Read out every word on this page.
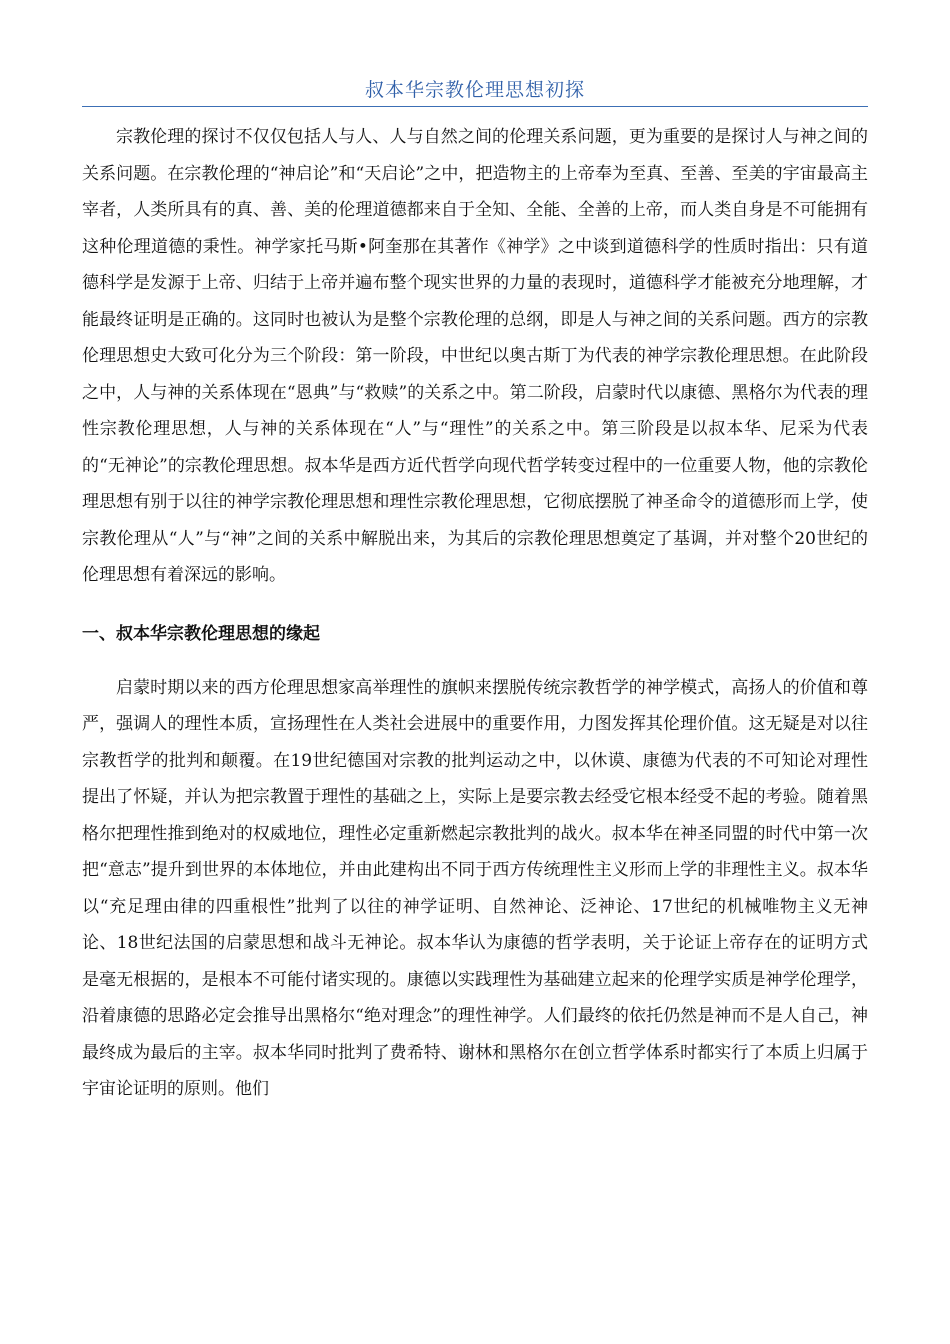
叔本华宗教伦理思想初探

宗教伦理的探讨不仅仅包括人与人、人与自然之间的伦理关系问题，更为重要的是探讨人与神之间的关系问题。在宗教伦理的“神启论”和“天启论”之中，把造物主的上帝奉为至真、至善、至美的宇宙最高主宰者，人类所具有的真、善、美的伦理道德都来自于全知、全能、全善的上帝，而人类自身是不可能拥有这种伦理道德的秉性。神学家托马斯•阿奎那在其著作《神学》之中谈到道德科学的性质时指出：只有道德科学是发源于上帝、归结于上帝并遍布整个现实世界的力量的表现时，道德科学才能被充分地理解，才能最终证明是正确的。这同时也被认为是整个宗教伦理的总纲，即是人与神之间的关系问题。西方的宗教伦理思想史大致可化分为三个阶段：第一阶段，中世纪以奥古斯丁为代表的神学宗教伦理思想。在此阶段之中，人与神的关系体现在“恩典”与“救赎”的关系之中。第二阶段，启蒙时代以康德、黑格尔为代表的理性宗教伦理思想，人与神的关系体现在“人”与“理性”的关系之中。第三阶段是以叔本华、尼采为代表的“无神论”的宗教伦理思想。叔本华是西方近代哲学向现代哲学转变过程中的一位重要人物，他的宗教伦理思想有别于以往的神学宗教伦理思想和理性宗教伦理思想，它彻底摆脱了神圣命令的道德形而上学，使宗教伦理从“人”与“神”之间的关系中解脱出来，为其后的宗教伦理思想奠定了基调，并对整个20世纪的伦理思想有着深远的影响。

一、叔本华宗教伦理思想的缘起

启蒙时期以来的西方伦理思想家高举理性的旗帜来摆脱传统宗教哲学的神学模式，高扬人的价值和尊严，强调人的理性本质，宣扬理性在人类社会进展中的重要作用，力图发挥其伦理价值。这无疑是对以往宗教哲学的批判和颠覆。在19世纪德国对宗教的批判运动之中，以休谟、康德为代表的不可知论对理性提出了怀疑，并认为把宗教置于理性的基础之上，实际上是要宗教去经受它根本经受不起的考验。随着黑格尔把理性推到绝对的权威地位，理性必定重新燃起宗教批判的战火。叔本华在神圣同盟的时代中第一次把“意志”提升到世界的本体地位，并由此建构出不同于西方传统理性主义形而上学的非理性主义。叔本华以“充足理由律的四重根性”批判了以往的神学证明、自然神论、泛神论、17世纪的机械唯物主义无神论、18世纪法国的启蒙思想和战斗无神论。叔本华认为康德的哲学表明，关于论证上帝存在的证明方式是毫无根据的，是根本不可能付诸实现的。康德以实践理性为基础建立起来的伦理学实质是神学伦理学，沿着康德的思路必定会推导出黑格尔“绝对理念”的理性神学。人们最终的依托仍然是神而不是人自己，神最终成为最后的主宰。叔本华同时批判了费希特、谢林和黑格尔在创立哲学体系时都实行了本质上归属于宇宙论证明的原则。他们
